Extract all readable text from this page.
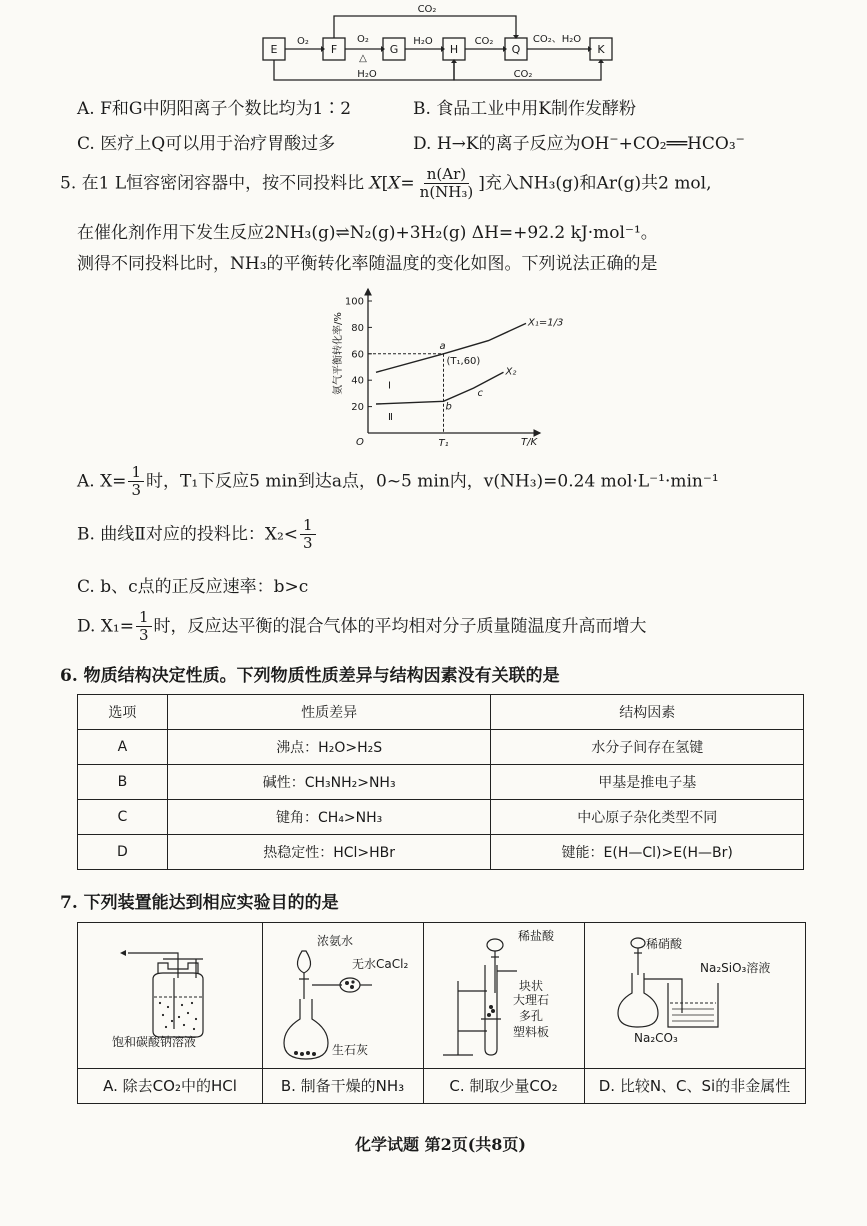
E	F	G	H	Q	K
O₂	O₂
△
H₂O	CO₂	CO₂、H₂O
CO₂
H₂O	CO₂
A. F和G中阴阳离子个数比均为1∶2	B. 食品工业中用K制作发酵粉
C. 医疗上Q可以用于治疗胃酸过多	D. H→K的离子反应为OH−+CO₂══HCO₃−
5. 在1 L恒容密闭容器中，按不同投料比 $X[X= \frac{n(Ar)}{\text{n(NH₃)}}$ ]充入NH₃(g)和Ar(g)共2 mol,
在催化剂作用下发生反应2NH₃(g)⇌N₂(g)+3H₂(g) ΔH=+92.2 kJ·mol⁻¹。
测得不同投料比时，NH₃的平衡转化率随温度的变化如图。下列说法正确的是
100
80
60
40
20
氨气平衡转化率/%
T/K
O	T₁
X₁=1/3
X₂
Ⅰ
Ⅱ
a
(T₁,60)
b
c
A. $X= \frac{1}{3}$ 时，T₁下反应5 min到达a点，0~5 min内，v(NH₃)=0.24 mol·L⁻¹·min⁻¹
B. 曲线Ⅱ对应的投料比：$X_2< \frac{1}{3}$
C. b、c点的正反应速率：b>c
D. $X_1= \frac{1}{3}$ 时，反应达平衡的混合气体的平均相对分子质量随温度升高而增大
6. 物质结构决定性质。下列物质性质差异与结构因素没有关联的是
选项	性质差异	结构因素
A	沸点：H₂O>H₂S	水分子间存在氢键
B	碱性：CH₃NH₂>NH₃	甲基是推电子基
C	键角：CH₄>NH₃	中心原子杂化类型不同
D	热稳定性：HCl>HBr	键能：E(H—Cl)>E(H—Br)
7. 下列装置能达到相应实验目的的是
饱和碳酸钠溶液
A. 除去CO₂中的HCl
浓氨水
无水CaCl₂
生石灰
B. 制备干燥的NH₃
稀盐酸
块状
大理石
多孔
塑料板
C. 制取少量CO₂
稀硝酸
Na₂SiO₃溶液
Na₂CO₃
D. 比较N、C、Si的非金属性
化学试题 第2页(共8页)
